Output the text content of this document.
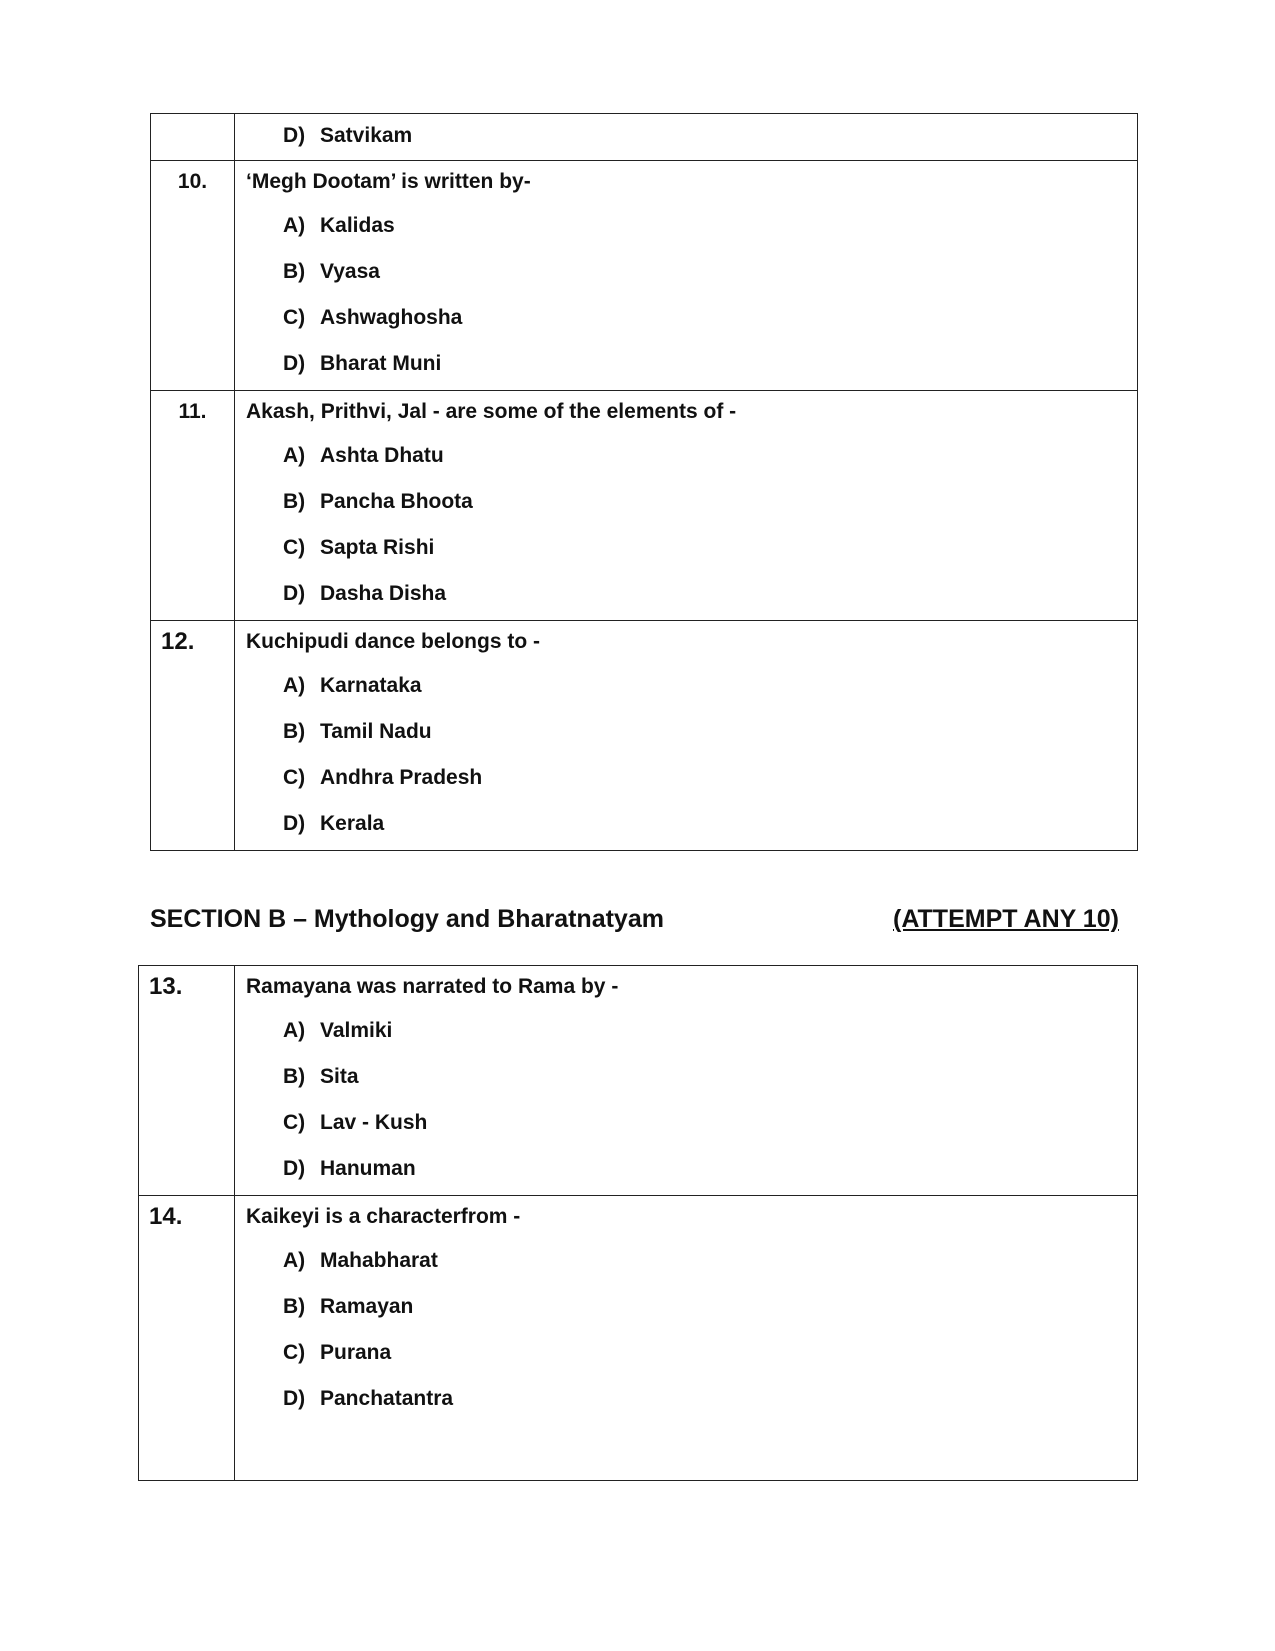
	D) Satvikam

10.	‘Megh Dootam’ is written by-
A) Kalidas
B) Vyasa
C) Ashwaghosha
D) Bharat Muni

11.	Akash, Prithvi, Jal - are some of the elements of -
A) Ashta Dhatu
B) Pancha Bhoota
C) Sapta Rishi
D) Dasha Disha

12.	Kuchipudi dance belongs to -
A) Karnataka
B) Tamil Nadu
C) Andhra Pradesh
D) Kerala
SECTION B – Mythology and Bharatnatyam	(ATTEMPT ANY 10)
13.	Ramayana was narrated to Rama by -
A) Valmiki
B) Sita
C) Lav - Kush
D) Hanuman

14.	Kaikeyi is a characterfrom -
A) Mahabharat
B) Ramayan
C) Purana
D) Panchatantra
